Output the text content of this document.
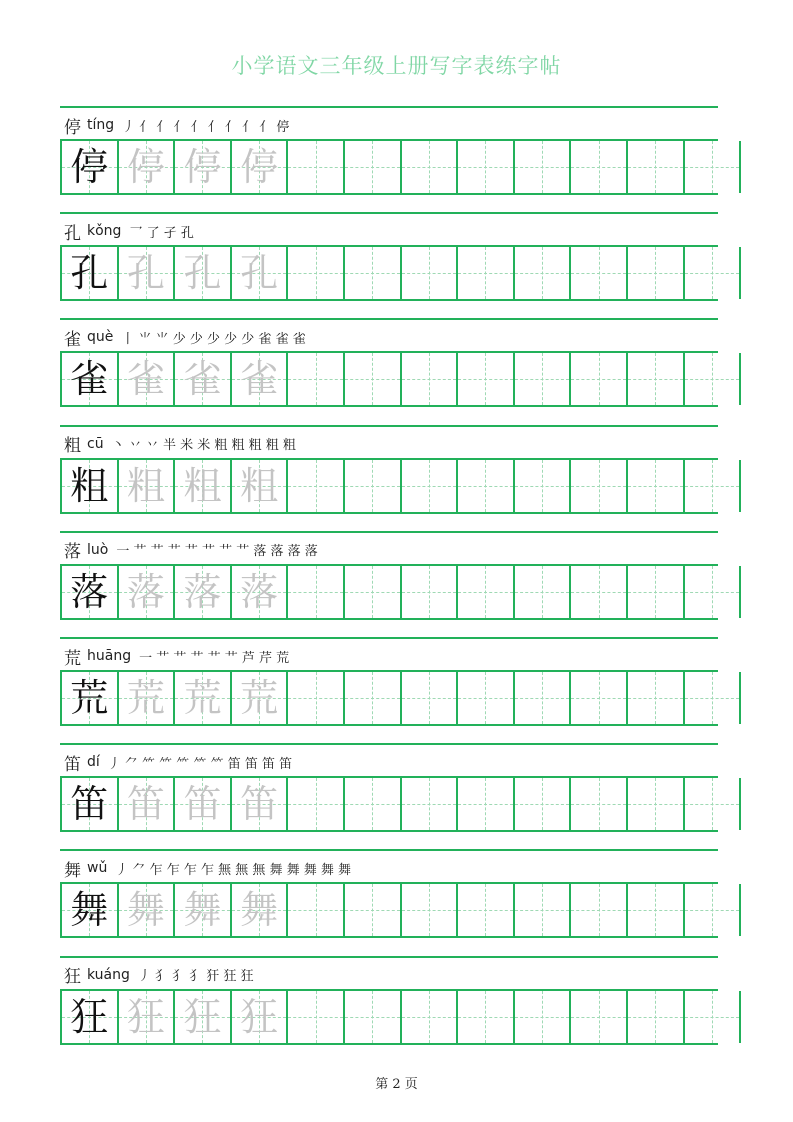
小学语文三年级上册写字表练字帖
停 tíng 丿 亻 亻 亻 亻 亻 亻 亻 亻 停
停 停 停 停
孔 kǒng 乛 了 孑 孔
孔 孔 孔 孔
雀 què 丨 ⺌ ⺌ 少 少 少 少 少 雀 雀 雀
雀 雀 雀 雀
粗 cū 丶 丷 丷 半 米 米 粗 粗 粗 粗 粗
粗 粗 粗 粗
落 luò 一 艹 艹 艹 艹 艹 艹 艹 落 落 落 落
落 落 落 落
荒 huāng 一 艹 艹 艹 艹 艹 芦 芹 荒
荒 荒 荒 荒
笛 dí 丿 ⺈ ⺮ ⺮ ⺮ ⺮ ⺮ 笛 笛 笛 笛
笛 笛 笛 笛
舞 wǔ 丿 ⺈ 乍 乍 乍 乍 無 無 無 舞 舞 舞 舞 舞
舞 舞 舞 舞
狂 kuáng 丿 犭 犭 犭 犴 狂 狂
狂 狂 狂 狂
第 2 页
